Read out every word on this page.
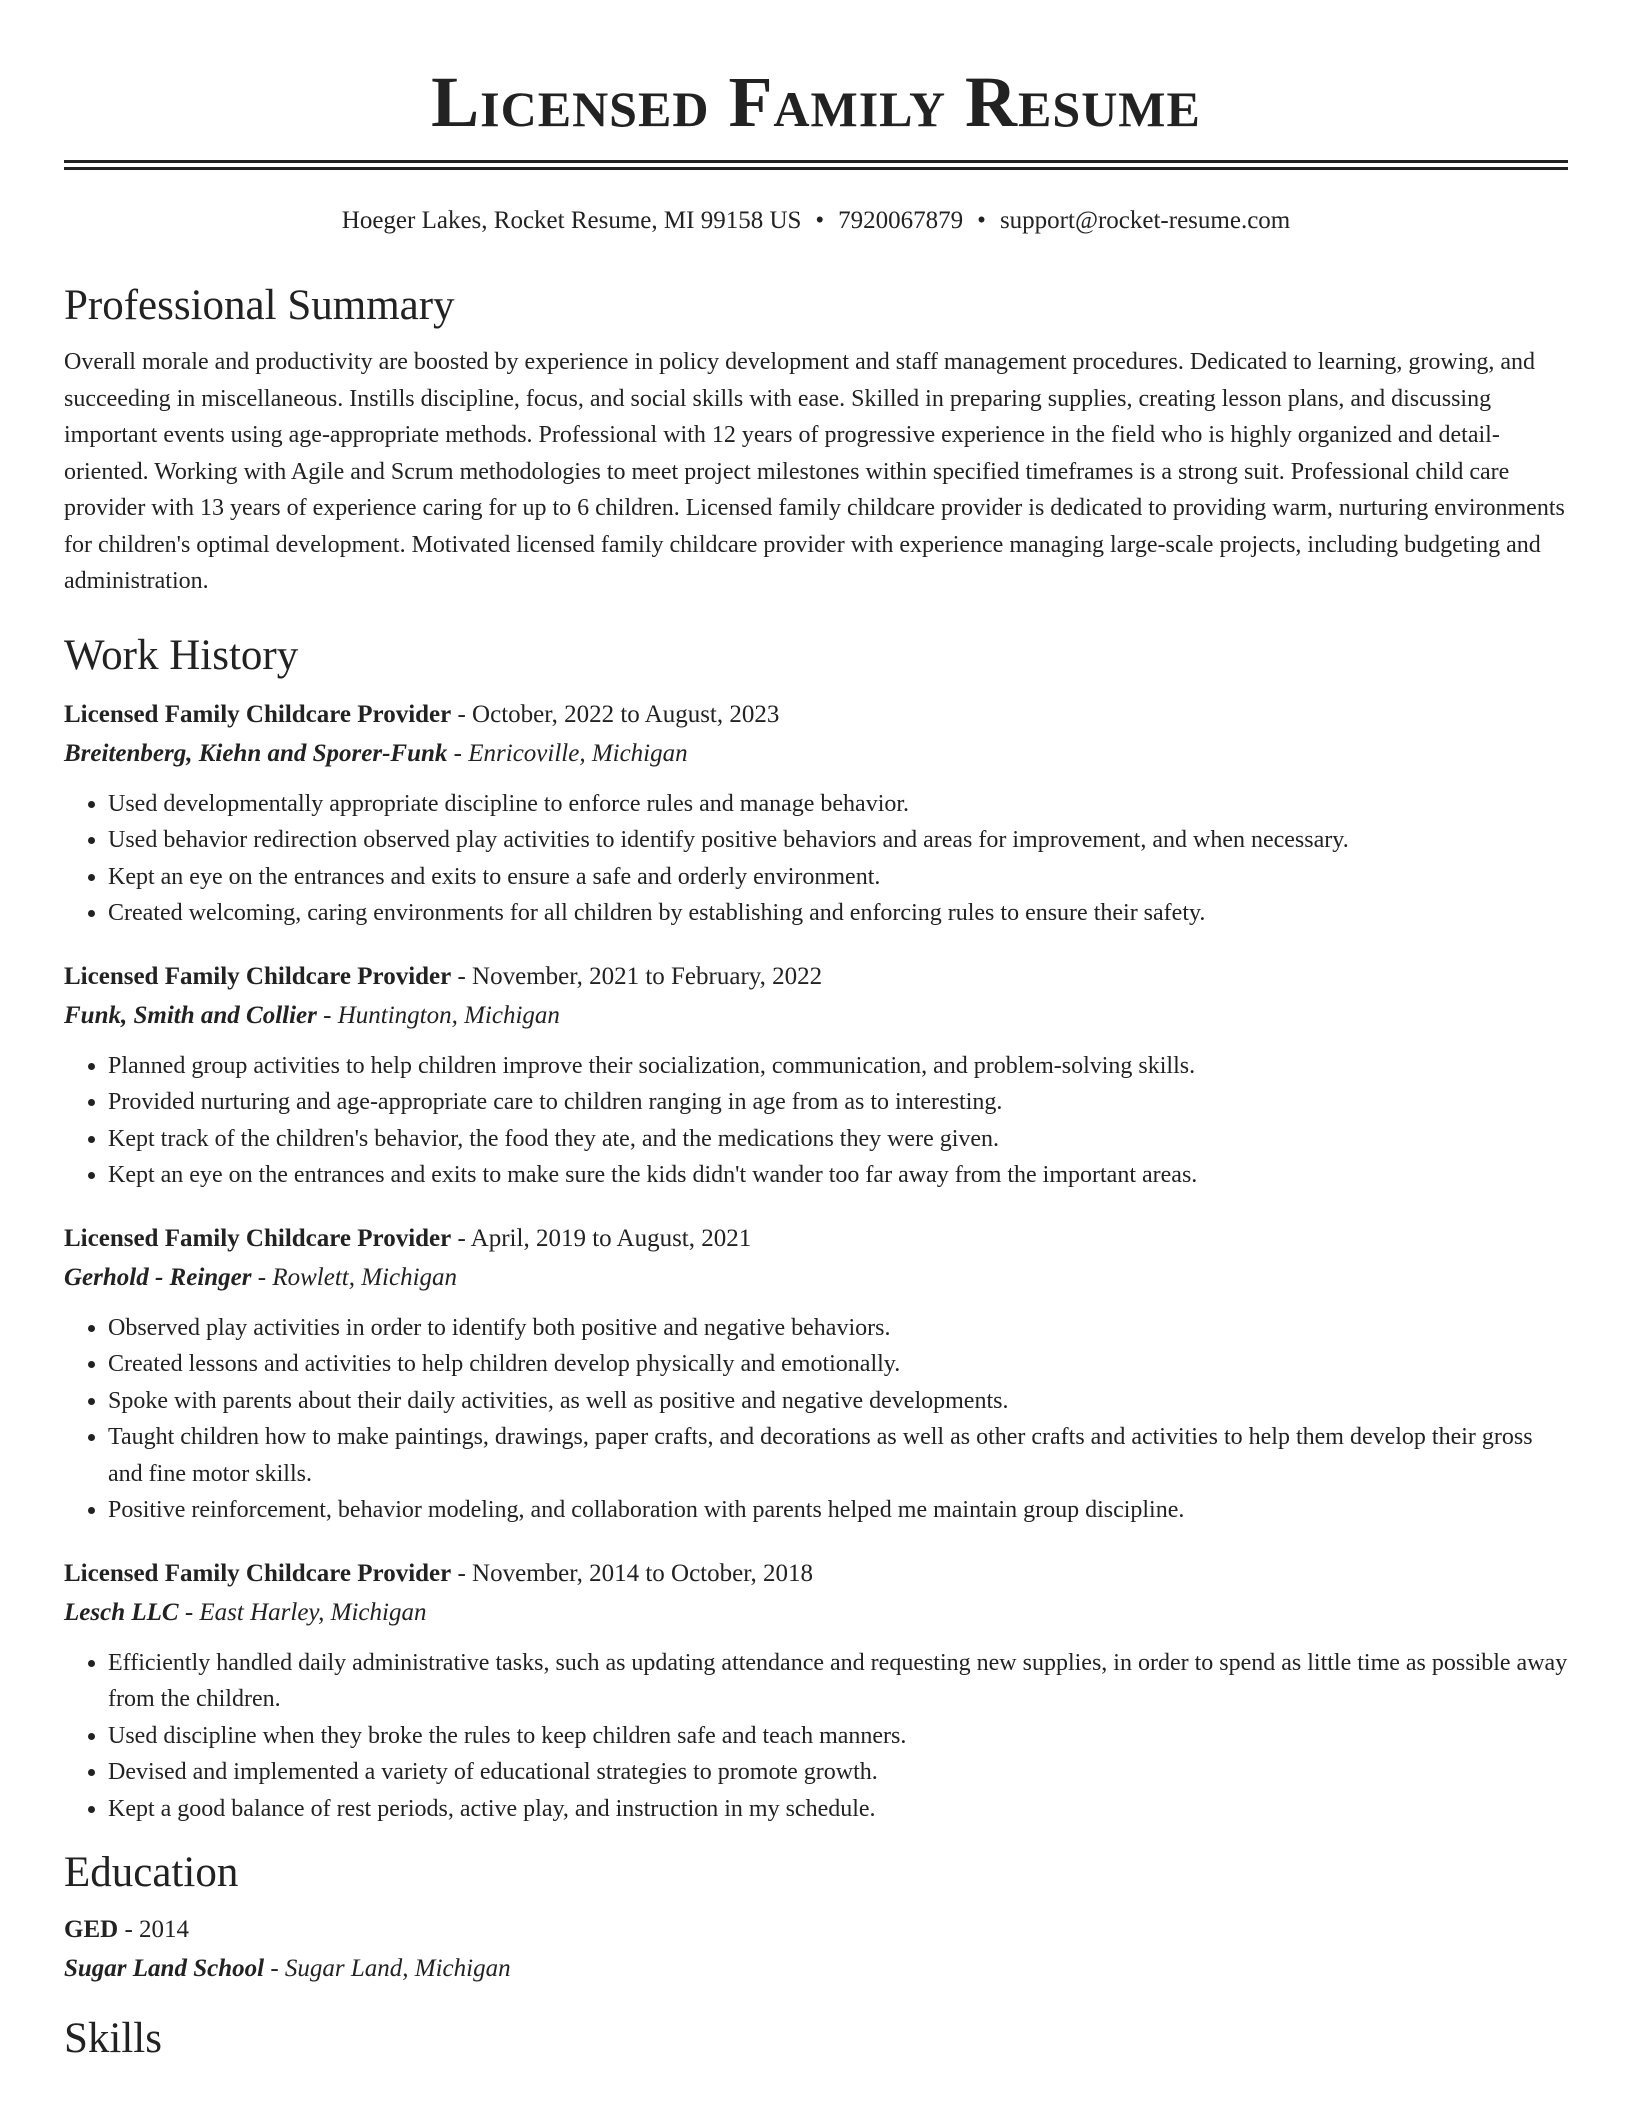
Licensed Family Resume
Hoeger Lakes, Rocket Resume, MI 99158 US • 7920067879 • support@rocket-resume.com
Professional Summary

Overall morale and productivity are boosted by experience in policy development and staff management procedures. Dedicated to learning, growing, and succeeding in miscellaneous. Instills discipline, focus, and social skills with ease. Skilled in preparing supplies, creating lesson plans, and discussing important events using age-appropriate methods. Professional with 12 years of progressive experience in the field who is highly organized and detail-oriented. Working with Agile and Scrum methodologies to meet project milestones within specified timeframes is a strong suit. Professional child care provider with 13 years of experience caring for up to 6 children. Licensed family childcare provider is dedicated to providing warm, nurturing environments for children's optimal development. Motivated licensed family childcare provider with experience managing large-scale projects, including budgeting and administration.

Work History
Licensed Family Childcare Provider - October, 2022 to August, 2023
Breitenberg, Kiehn and Sporer-Funk - Enricoville, Michigan
• Used developmentally appropriate discipline to enforce rules and manage behavior.
• Used behavior redirection observed play activities to identify positive behaviors and areas for improvement, and when necessary.
• Kept an eye on the entrances and exits to ensure a safe and orderly environment.
• Created welcoming, caring environments for all children by establishing and enforcing rules to ensure their safety.
Licensed Family Childcare Provider - November, 2021 to February, 2022
Funk, Smith and Collier - Huntington, Michigan
• Planned group activities to help children improve their socialization, communication, and problem-solving skills.
• Provided nurturing and age-appropriate care to children ranging in age from as to interesting.
• Kept track of the children's behavior, the food they ate, and the medications they were given.
• Kept an eye on the entrances and exits to make sure the kids didn't wander too far away from the important areas.
Licensed Family Childcare Provider - April, 2019 to August, 2021
Gerhold - Reinger - Rowlett, Michigan
• Observed play activities in order to identify both positive and negative behaviors.
• Created lessons and activities to help children develop physically and emotionally.
• Spoke with parents about their daily activities, as well as positive and negative developments.
• Taught children how to make paintings, drawings, paper crafts, and decorations as well as other crafts and activities to help them develop their gross and fine motor skills.
• Positive reinforcement, behavior modeling, and collaboration with parents helped me maintain group discipline.
Licensed Family Childcare Provider - November, 2014 to October, 2018
Lesch LLC - East Harley, Michigan
• Efficiently handled daily administrative tasks, such as updating attendance and requesting new supplies, in order to spend as little time as possible away from the children.
• Used discipline when they broke the rules to keep children safe and teach manners.
• Devised and implemented a variety of educational strategies to promote growth.
• Kept a good balance of rest periods, active play, and instruction in my schedule.
Education
GED - 2014
Sugar Land School - Sugar Land, Michigan
Skills
